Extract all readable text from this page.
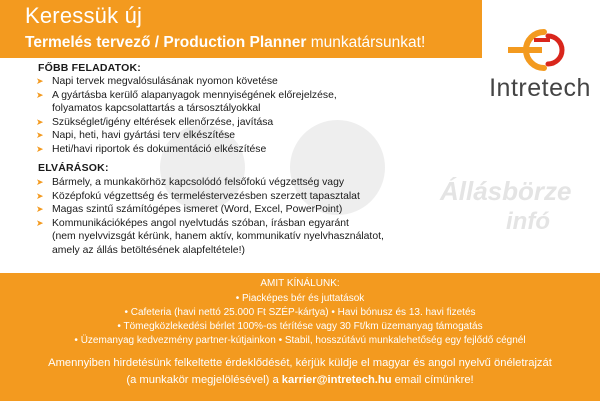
Keressük új
Termelés tervező / Production Planner munkatársunkat!
Intretech
Állásbörze
infó
FŐBB FELADATOK:
➤ Napi tervek megvalósulásának nyomon követése
➤ A gyártásba kerülő alapanyagok mennyiségének előrejelzése,
folyamatos kapcsolattartás a társosztályokkal
➤ Szükséglet/igény eltérések ellenőrzése, javítása
➤ Napi, heti, havi gyártási terv elkészítése
➤ Heti/havi riportok és dokumentáció elkészítése
ELVÁRÁSOK:
➤ Bármely, a munkakörhöz kapcsolódó felsőfokú végzettség vagy
➤ Középfokú végzettség és termeléstervezésben szerzett tapasztalat
➤ Magas szintű számítógépes ismeret (Word, Excel, PowerPoint)
➤ Kommunikációképes angol nyelvtudás szóban, írásban egyaránt
(nem nyelvvizsgát kérünk, hanem aktív, kommunikatív nyelvhasználatot,
amely az állás betöltésének alapfeltétele!)
AMIT KÍNÁLUNK:
• Piacképes bér és juttatások
• Cafeteria (havi nettó 25.000 Ft SZÉP-kártya) • Havi bónusz és 13. havi fizetés
• Tömegközlekedési bérlet 100%-os térítése vagy 30 Ft/km üzemanyag támogatás
• Üzemanyag kedvezmény partner-kútjainkon • Stabil, hosszútávú munkalehetőség egy fejlődő cégnél
Amennyiben hirdetésünk felkeltette érdeklődését, kérjük küldje el magyar és angol nyelvű önéletrajzát
(a munkakör megjelölésével) a karrier@intretech.hu email címünkre!
